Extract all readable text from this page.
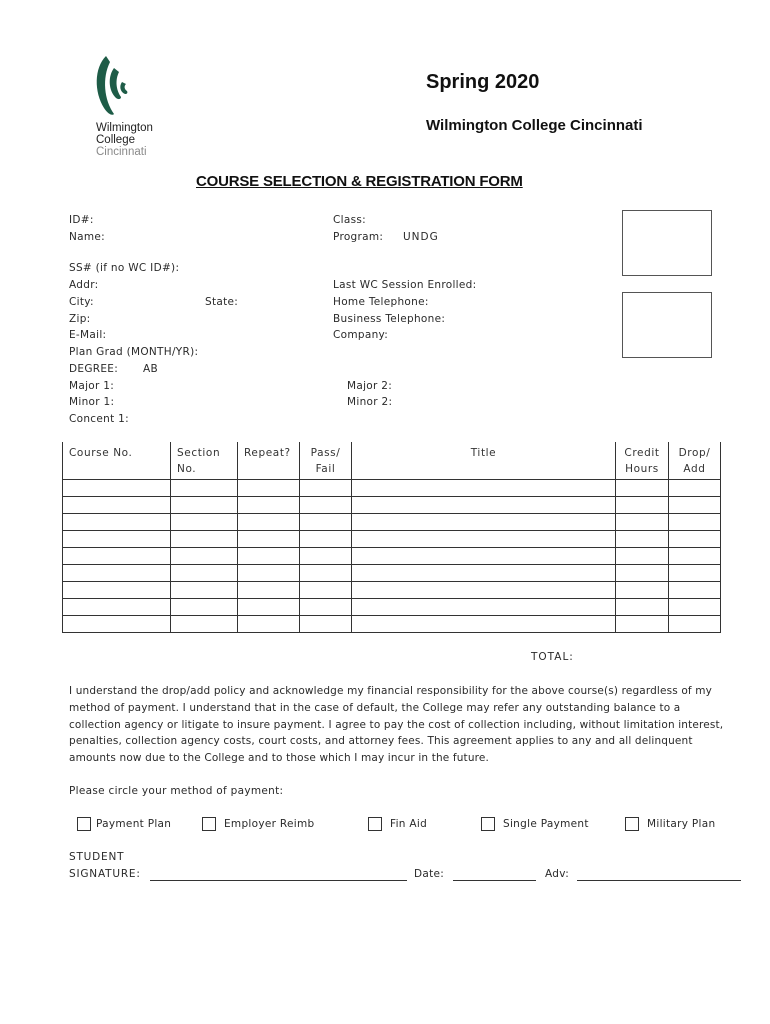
Wilmington
College
Cincinnati
Spring 2020
Wilmington College Cincinnati
COURSE SELECTION & REGISTRATION FORM
ID#:
Name:
SS# (if no WC ID#):
Addr:
City:	State:
Zip:
E-Mail:
Plan Grad (MONTH/YR):
DEGREE: AB
Major 1:
Minor 1:
Concent 1:
Class:
Program: UNDG
Last WC Session Enrolled:
Home Telephone:
Business Telephone:
Company:
Major 2:
Minor 2:
Course No.	Section No.	Repeat?	Pass/ Fail	Title	Credit Hours	Drop/ Add

TOTAL:
I understand the drop/add policy and acknowledge my financial responsibility for the above course(s) regardless of my method of payment. I understand that in the case of default, the College may refer any outstanding balance to a collection agency or litigate to insure payment. I agree to pay the cost of collection including, without limitation interest, penalties, collection agency costs, court costs, and attorney fees. This agreement applies to any and all delinquent amounts now due to the College and to those which I may incur in the future.
Please circle your method of payment:
Payment Plan	Employer Reimb	Fin Aid	Single Payment	Military Plan
STUDENT
SIGNATURE:	Date:	Adv:
